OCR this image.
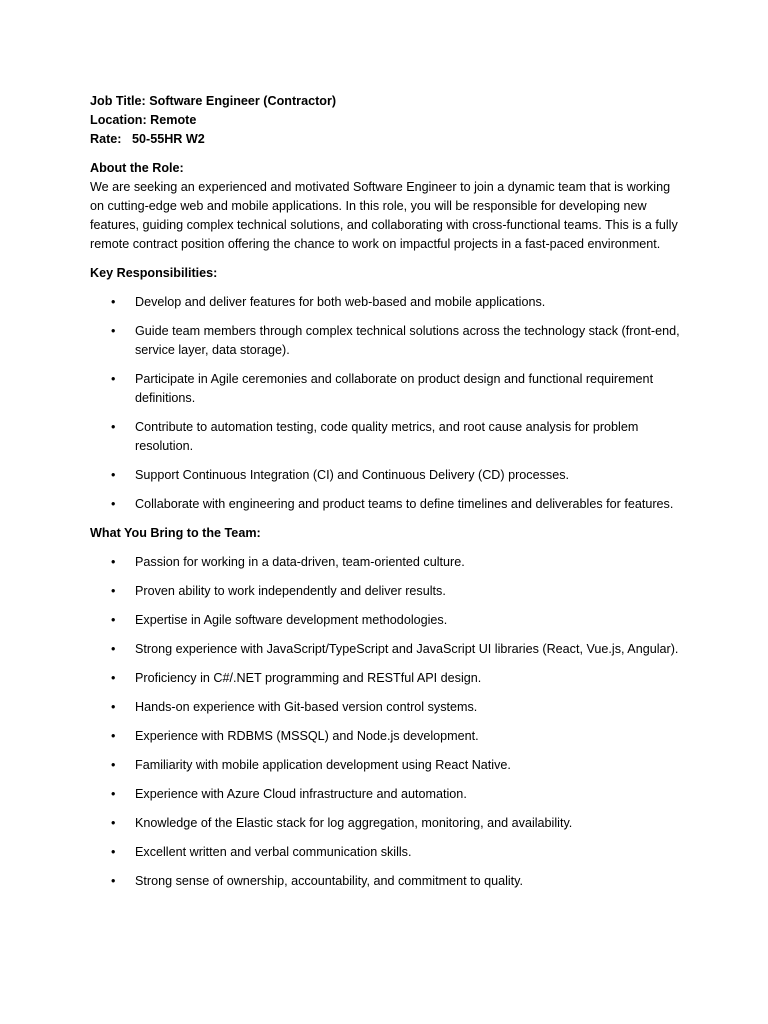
Job Title: Software Engineer (Contractor)

Location: Remote

Rate: 50-55HR W2

About the Role:

We are seeking an experienced and motivated Software Engineer to join a dynamic team that is working on cutting-edge web and mobile applications. In this role, you will be responsible for developing new features, guiding complex technical solutions, and collaborating with cross-functional teams. This is a fully remote contract position offering the chance to work on impactful projects in a fast-paced environment.

Key Responsibilities:

• Develop and deliver features for both web-based and mobile applications.
• Guide team members through complex technical solutions across the technology stack (front-end, service layer, data storage).
• Participate in Agile ceremonies and collaborate on product design and functional requirement definitions.
• Contribute to automation testing, code quality metrics, and root cause analysis for problem resolution.
• Support Continuous Integration (CI) and Continuous Delivery (CD) processes.
• Collaborate with engineering and product teams to define timelines and deliverables for features.

What You Bring to the Team:

• Passion for working in a data-driven, team-oriented culture.
• Proven ability to work independently and deliver results.
• Expertise in Agile software development methodologies.
• Strong experience with JavaScript/TypeScript and JavaScript UI libraries (React, Vue.js, Angular).
• Proficiency in C#/.NET programming and RESTful API design.
• Hands-on experience with Git-based version control systems.
• Experience with RDBMS (MSSQL) and Node.js development.
• Familiarity with mobile application development using React Native.
• Experience with Azure Cloud infrastructure and automation.
• Knowledge of the Elastic stack for log aggregation, monitoring, and availability.
• Excellent written and verbal communication skills.
• Strong sense of ownership, accountability, and commitment to quality.
